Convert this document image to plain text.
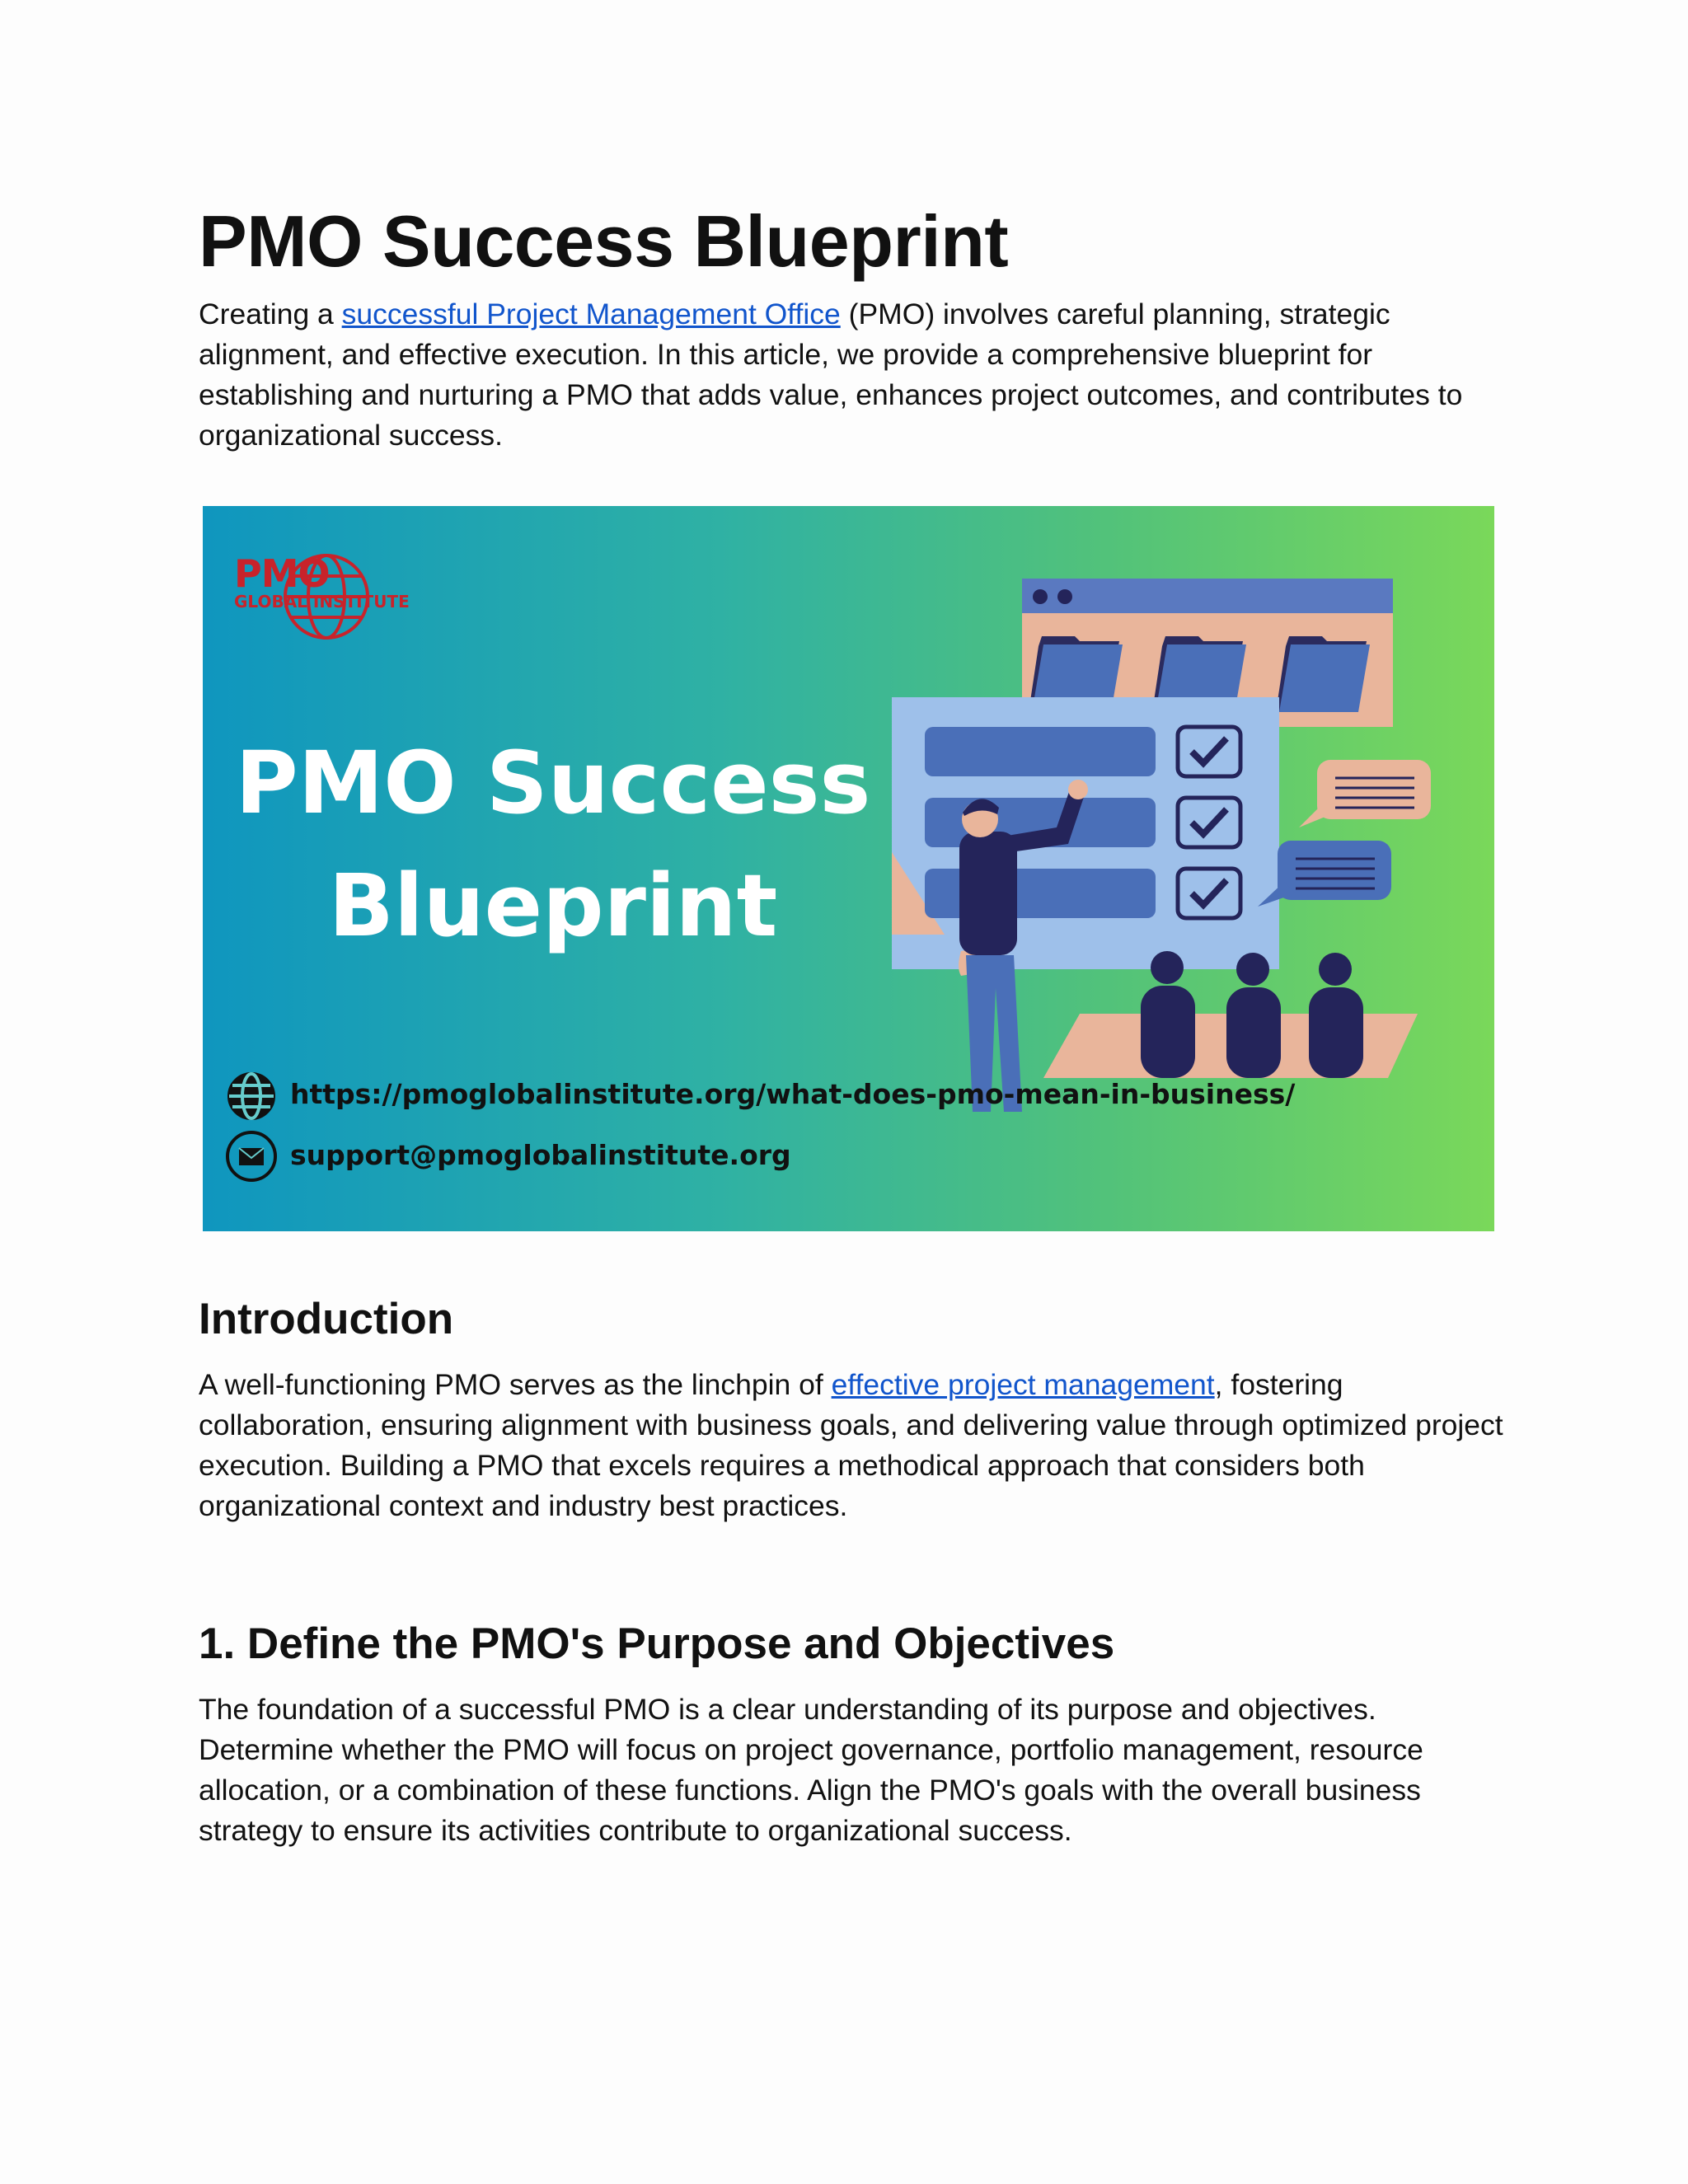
PMO Success Blueprint

Creating a successful Project Management Office (PMO) involves careful planning, strategic alignment, and effective execution. In this article, we provide a comprehensive blueprint for establishing and nurturing a PMO that adds value, enhances project outcomes, and contributes to organizational success.

PMO
GLOBAL INSTITUTE
PMO Success
Blueprint
https://pmoglobalinstitute.org/what-does-pmo-mean-in-business/
support@pmoglobalinstitute.org
Introduction

A well-functioning PMO serves as the linchpin of effective project management, fostering collaboration, ensuring alignment with business goals, and delivering value through optimized project execution. Building a PMO that excels requires a methodical approach that considers both organizational context and industry best practices.

1. Define the PMO's Purpose and Objectives

The foundation of a successful PMO is a clear understanding of its purpose and objectives. Determine whether the PMO will focus on project governance, portfolio management, resource allocation, or a combination of these functions. Align the PMO's goals with the overall business strategy to ensure its activities contribute to organizational success.
